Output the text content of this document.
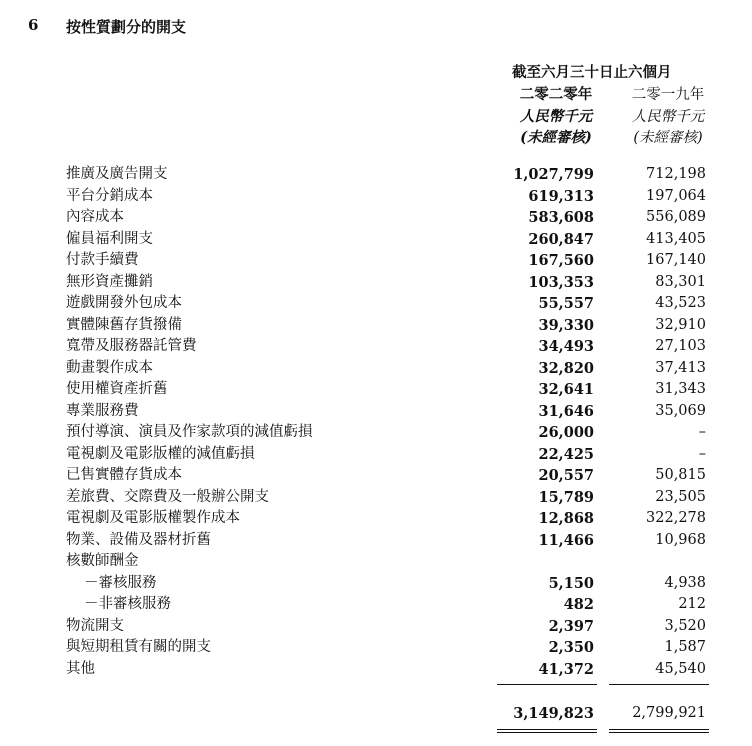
6 按性質劃分的開支
截至六月三十日止六個月
二零二零年	二零一九年
人民幣千元	人民幣千元
(未經審核)	(未經審核)
推廣及廣告開支	1,027,799	712,198
平台分銷成本	619,313	197,064
內容成本	583,608	556,089
僱員福利開支	260,847	413,405
付款手續費	167,560	167,140
無形資產攤銷	103,353	83,301
遊戲開發外包成本	55,557	43,523
實體陳舊存貨撥備	39,330	32,910
寬帶及服務器託管費	34,493	27,103
動畫製作成本	32,820	37,413
使用權資產折舊	32,641	31,343
專業服務費	31,646	35,069
預付導演、演員及作家款項的減值虧損	26,000	–
電視劇及電影版權的減值虧損	22,425	–
已售實體存貨成本	20,557	50,815
差旅費、交際費及一般辦公開支	15,789	23,505
電視劇及電影版權製作成本	12,868	322,278
物業、設備及器材折舊	11,466	10,968
核數師酬金
－審核服務	5,150	4,938
－非審核服務	482	212
物流開支	2,397	3,520
與短期租賃有關的開支	2,350	1,587
其他	41,372	45,540
3,149,823	2,799,921
